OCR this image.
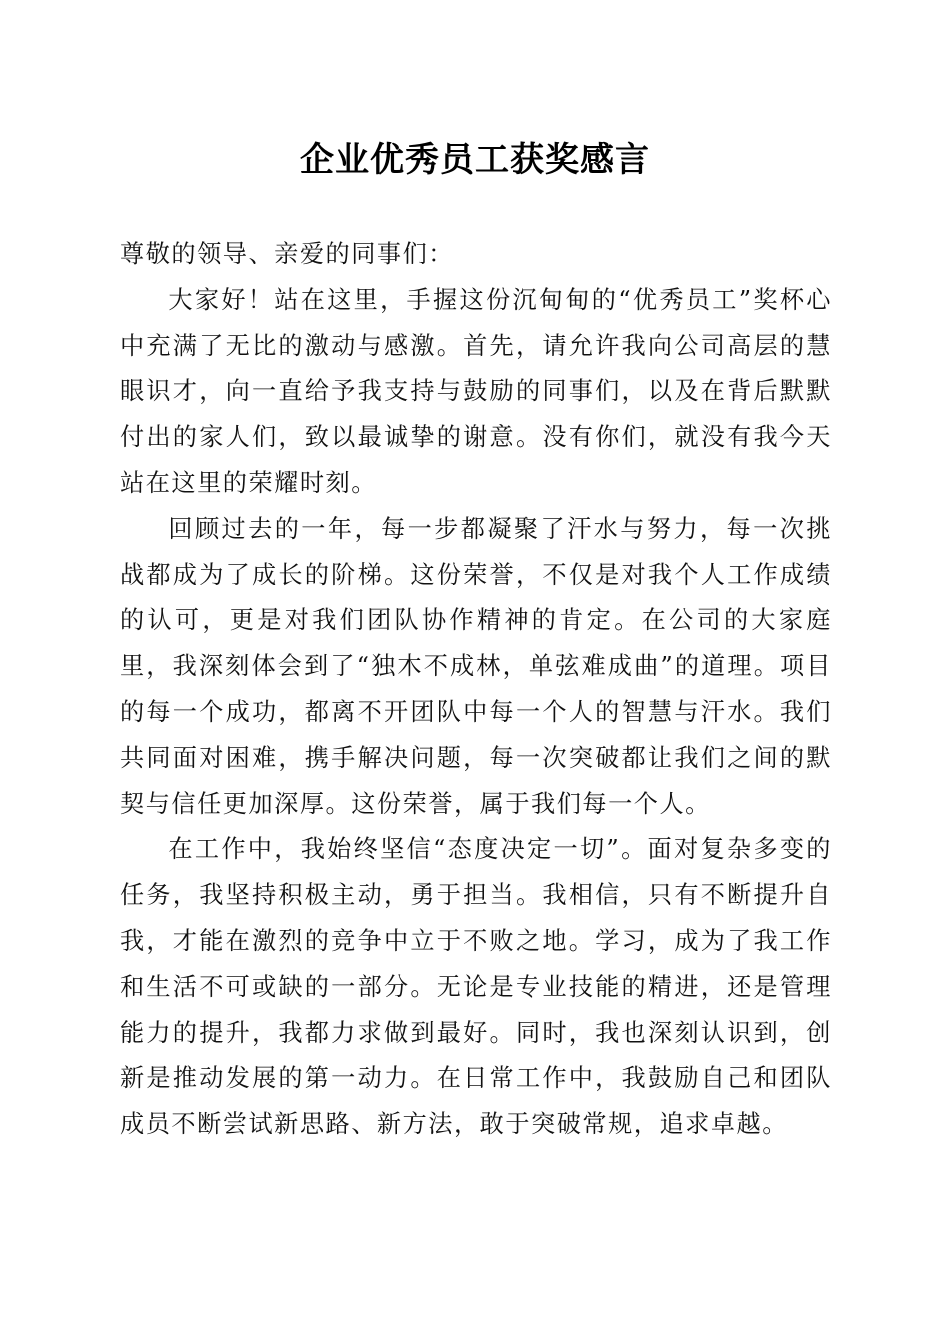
企业优秀员工获奖感言

尊敬的领导、亲爱的同事们：

大家好！站在这里，手握这份沉甸甸的“优秀员工”奖杯心中充满了无比的激动与感激。首先，请允许我向公司高层的慧眼识才，向一直给予我支持与鼓励的同事们，以及在背后默默付出的家人们，致以最诚挚的谢意。没有你们，就没有我今天站在这里的荣耀时刻。

回顾过去的一年，每一步都凝聚了汗水与努力，每一次挑战都成为了成长的阶梯。这份荣誉，不仅是对我个人工作成绩的认可，更是对我们团队协作精神的肯定。在公司的大家庭里，我深刻体会到了“独木不成林，单弦难成曲”的道理。项目的每一个成功，都离不开团队中每一个人的智慧与汗水。我们共同面对困难，携手解决问题，每一次突破都让我们之间的默契与信任更加深厚。这份荣誉，属于我们每一个人。

在工作中，我始终坚信“态度决定一切”。面对复杂多变的任务，我坚持积极主动，勇于担当。我相信，只有不断提升自我，才能在激烈的竞争中立于不败之地。学习，成为了我工作和生活不可或缺的一部分。无论是专业技能的精进，还是管理能力的提升，我都力求做到最好。同时，我也深刻认识到，创新是推动发展的第一动力。在日常工作中，我鼓励自己和团队成员不断尝试新思路、新方法，敢于突破常规，追求卓越。
